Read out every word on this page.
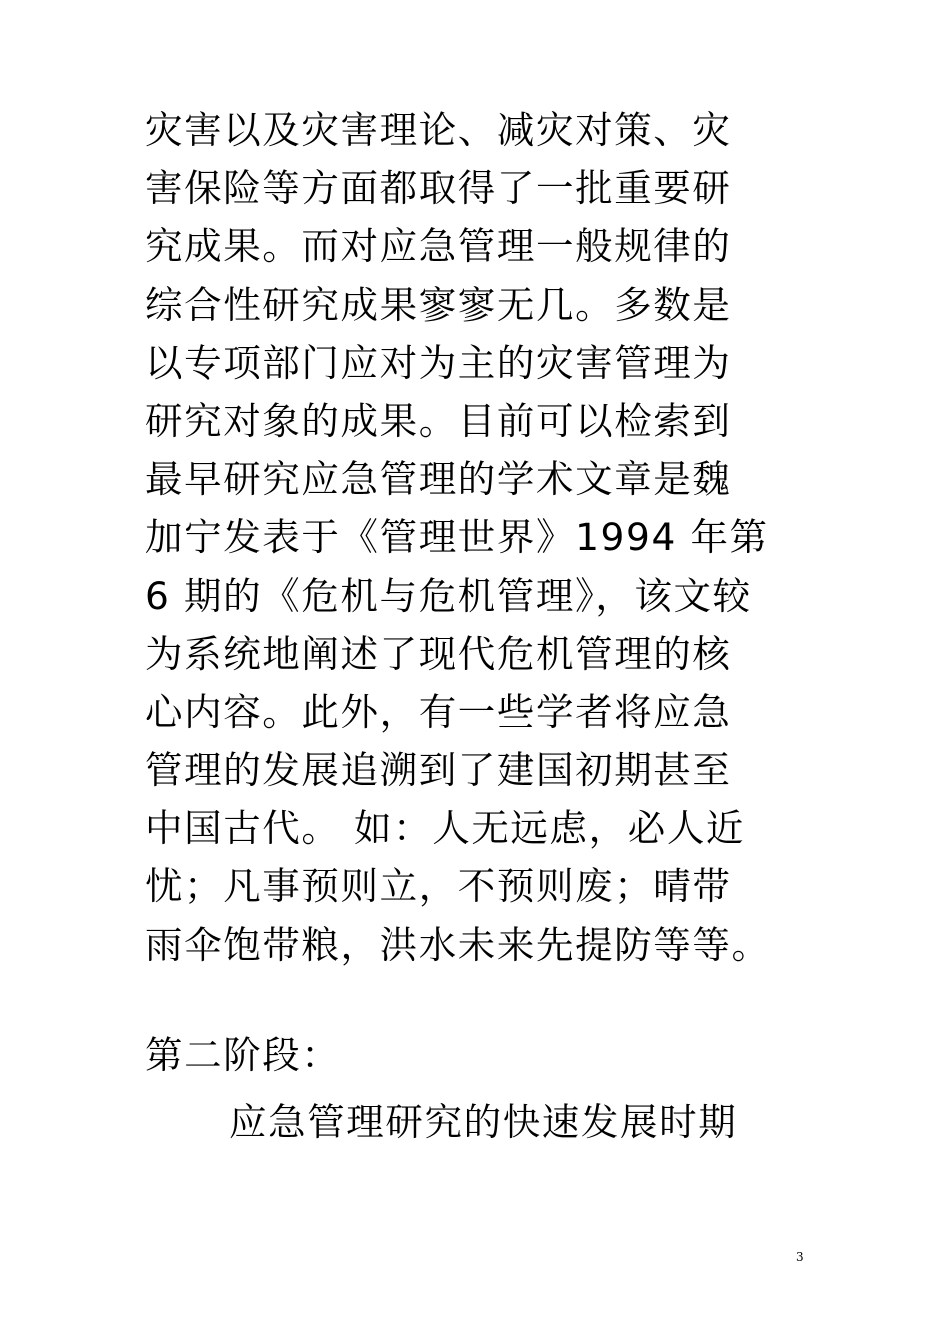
灾害以及灾害理论、减灾对策、灾
害保险等方面都取得了一批重要研
究成果。而对应急管理一般规律的
综合性研究成果寥寥无几。多数是
以专项部门应对为主的灾害管理为
研究对象的成果。目前可以检索到
最早研究应急管理的学术文章是魏
加宁发表于《管理世界》1994 年第
6 期的《危机与危机管理》，该文较
为系统地阐述了现代危机管理的核
心内容。此外，有一些学者将应急
管理的发展追溯到了建国初期甚至
中国古代。 如：人无远虑，必人近
忧；凡事预则立，不预则废；晴带
雨伞饱带粮，洪水未来先提防等等。
第二阶段：
应急管理研究的快速发展时期
3
